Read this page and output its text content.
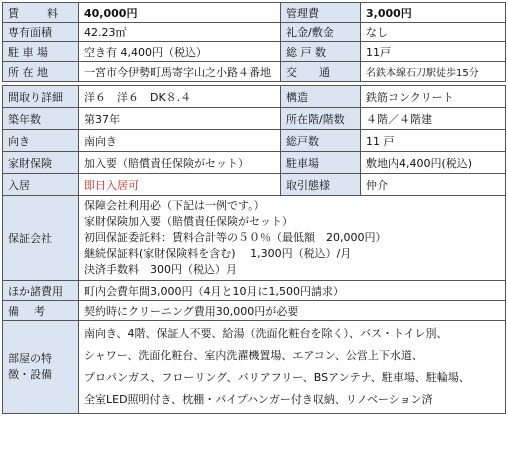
賃　　料	40,000円	管理費	3,000円
専有面積	42.23㎡	礼金/敷金	なし
駐 車 場	空き有 4,400円（税込）	総 戸 数	11戸
所 在 地	一宮市今伊勢町馬寄字山之小路４番地	交　　通	名鉄本線石刀駅徒歩15分

間取り詳細	洋６　洋６　DK８.４	構造	鉄筋コンクリート
築年数	第37年	所在階/階数	４階／４階建
向き	南向き	総戸数	11 戸
家財保険	加入要（賠償責任保険がセット）	駐車場	敷地内4,400円(税込)
入居	即日入居可	取引態様	仲介
保証会社	保障会社利用必（下記は一例です。）
家財保険加入要（賠償責任保険がセット）
初回保証委託料：賃料合計等の５０％（最低額　20,000円）
継続保証料(家財保険料を含む)　 1,300円（税込）/月
決済手数料　300円（税込）月		

ほか諸費用	町内会費年間3,000円（4月と10月に1,500円請求）		
備　考	契約時にクリーニング費用30,000円が必要		
部屋の特徴・設備	南向き、4階、保証人不要、給湯（洗面化粧台を除く）、バス・トイレ別、
シャワー、洗面化粧台、室内洗濯機置場、エアコン、公営上下水道、
プロパンガス、フローリング、バリアフリー、BSアンテナ、駐車場、駐輪場、
全室LED照明付き、枕棚・パイプハンガー付き収納、リノベーション済		
